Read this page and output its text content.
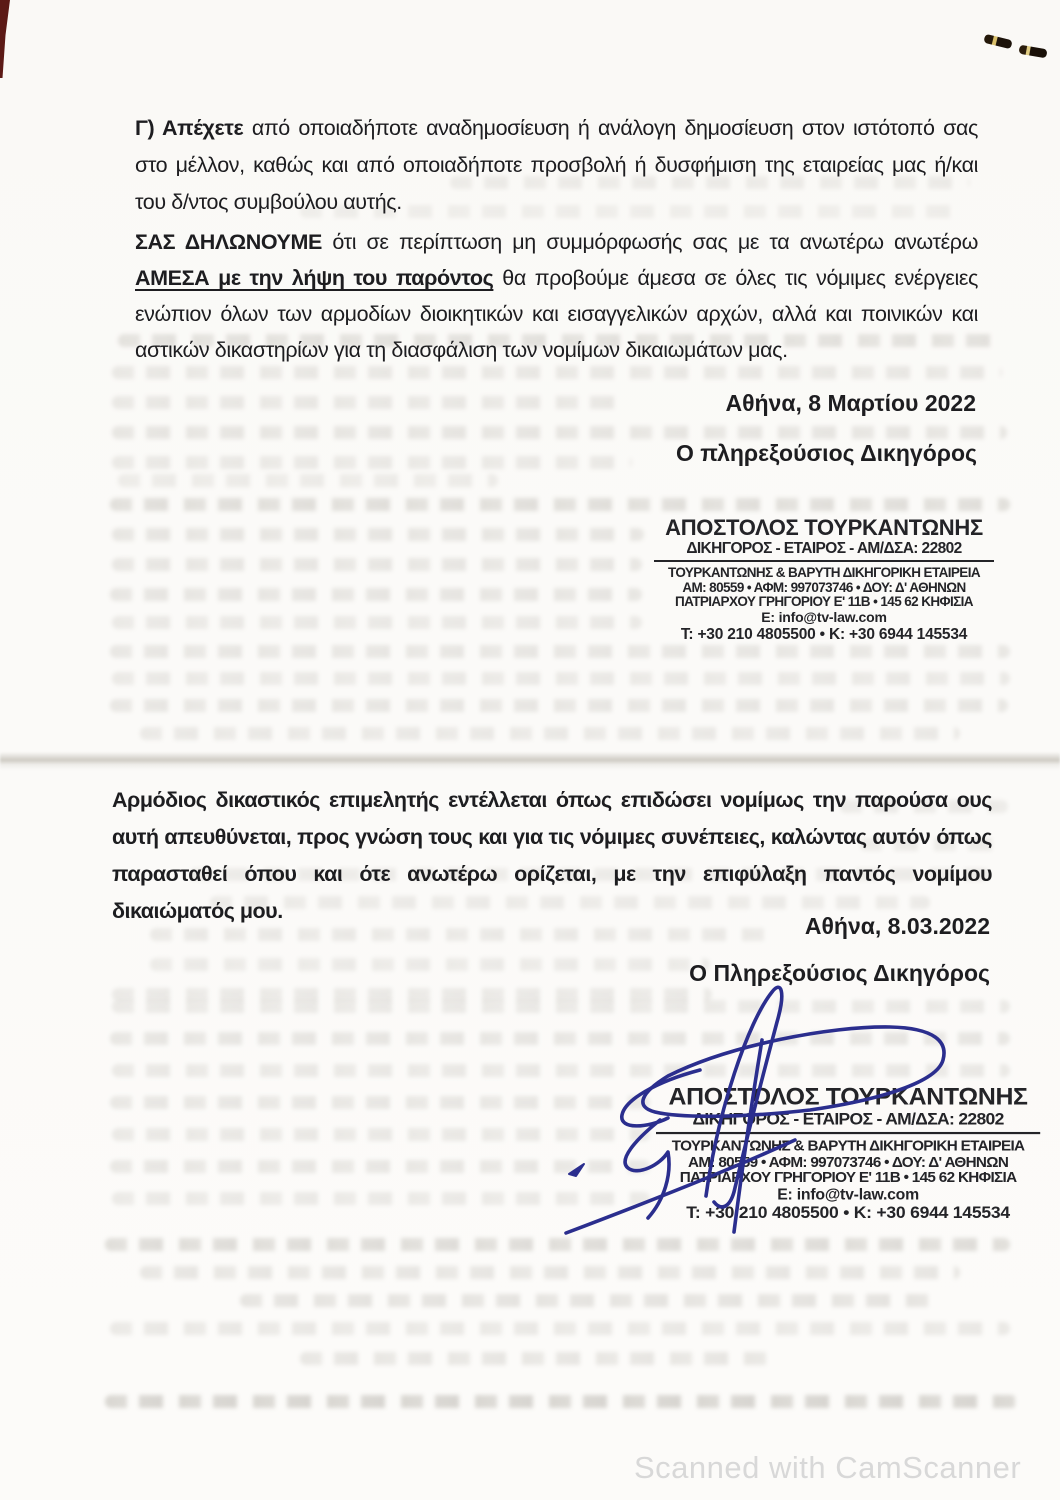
Γ) Απέχετε από οποιαδήποτε αναδημοσίευση ή ανάλογη δημοσίευση στον ιστότοπό σας στο μέλλον, καθώς και από οποιαδήποτε προσβολή ή δυσφήμιση της εταιρείας μας ή/και του δ/ντος συμβούλου αυτής.

ΣΑΣ ΔΗΛΩΝΟΥΜΕ ότι σε περίπτωση μη συμμόρφωσής σας με τα ανωτέρω ανωτέρω ΑΜΕΣΑ με την λήψη του παρόντος θα προβούμε άμεσα σε όλες τις νόμιμες ενέργειες ενώπιον όλων των αρμοδίων διοικητικών και εισαγγελικών αρχών, αλλά και ποινικών και αστικών δικαστηρίων για τη διασφάλιση των νομίμων δικαιωμάτων μας.

Αθήνα, 8 Μαρτίου 2022
Ο πληρεξούσιος Δικηγόρος
ΑΠΟΣΤΟΛΟΣ ΤΟΥΡΚΑΝΤΩΝΗΣ
ΔΙΚΗΓΟΡΟΣ - ΕΤΑΙΡΟΣ - ΑΜ/ΔΣΑ: 22802
ΤΟΥΡΚΑΝΤΩΝΗΣ & ΒΑΡΥΤΗ ΔΙΚΗΓΟΡΙΚΗ ΕΤΑΙΡΕΙΑ
ΑΜ: 80559 • ΑΦΜ: 997073746 • ΔΟΥ: Δ' ΑΘΗΝΩΝ
ΠΑΤΡΙΑΡΧΟΥ ΓΡΗΓΟΡΙΟΥ Ε' 11Β • 145 62 ΚΗΦΙΣΙΑ
Ε: info@tv-law.com
Τ: +30 210 4805500 • Κ: +30 6944 145534

Αρμόδιος δικαστικός επιμελητής εντέλλεται όπως επιδώσει νομίμως την παρούσα ους αυτή απευθύνεται, προς γνώση τους και για τις νόμιμες συνέπειες, καλώντας αυτόν όπως παρασταθεί όπου και ότε ανωτέρω ορίζεται, με την επιφύλαξη παντός νομίμου δικαιώματός μου.

Αθήνα, 8.03.2022
Ο Πληρεξούσιος Δικηγόρος
ΑΠΟΣΤΟΛΟΣ ΤΟΥΡΚΑΝΤΩΝΗΣ
ΔΙΚΗΓΟΡΟΣ - ΕΤΑΙΡΟΣ - ΑΜ/ΔΣΑ: 22802
ΤΟΥΡΚΑΝΤΩΝΗΣ & ΒΑΡΥΤΗ ΔΙΚΗΓΟΡΙΚΗ ΕΤΑΙΡΕΙΑ
ΑΜ: 80559 • ΑΦΜ: 997073746 • ΔΟΥ: Δ' ΑΘΗΝΩΝ
ΠΑΤΡΙΑΡΧΟΥ ΓΡΗΓΟΡΙΟΥ Ε' 11Β • 145 62 ΚΗΦΙΣΙΑ
Ε: info@tv-law.com
Τ: +30 210 4805500 • Κ: +30 6944 145534
Scanned with CamScanner
